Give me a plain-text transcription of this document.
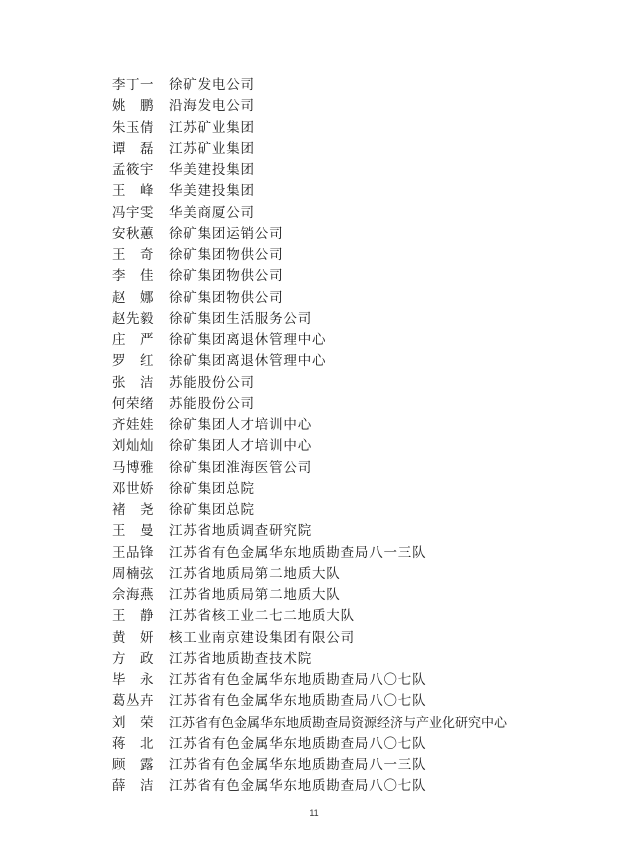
李丁一	徐矿发电公司
姚　鹏	沿海发电公司
朱玉倩	江苏矿业集团
谭　磊	江苏矿业集团
孟筱宇	华美建投集团
王　峰	华美建投集团
冯宇雯	华美商厦公司
安秋蕙	徐矿集团运销公司
王　奇	徐矿集团物供公司
李　佳	徐矿集团物供公司
赵　娜	徐矿集团物供公司
赵先毅	徐矿集团生活服务公司
庄　严	徐矿集团离退休管理中心
罗　红	徐矿集团离退休管理中心
张　洁	苏能股份公司
何荣绪	苏能股份公司
齐娃娃	徐矿集团人才培训中心
刘灿灿	徐矿集团人才培训中心
马博雅	徐矿集团淮海医管公司
邓世娇	徐矿集团总院
褚　尧	徐矿集团总院
王　曼	江苏省地质调查研究院
王品锋	江苏省有色金属华东地质勘查局八一三队
周楠弦	江苏省地质局第二地质大队
佘海燕	江苏省地质局第二地质大队
王　静	江苏省核工业二七二地质大队
黄　妍	核工业南京建设集团有限公司
方　政	江苏省地质勘查技术院
毕　永	江苏省有色金属华东地质勘查局八〇七队
葛丛卉	江苏省有色金属华东地质勘查局八〇七队
刘　荣	江苏省有色金属华东地质勘查局资源经济与产业化研究中心
蒋　北	江苏省有色金属华东地质勘查局八〇七队
顾　露	江苏省有色金属华东地质勘查局八一三队
薛　洁	江苏省有色金属华东地质勘查局八〇七队
11
